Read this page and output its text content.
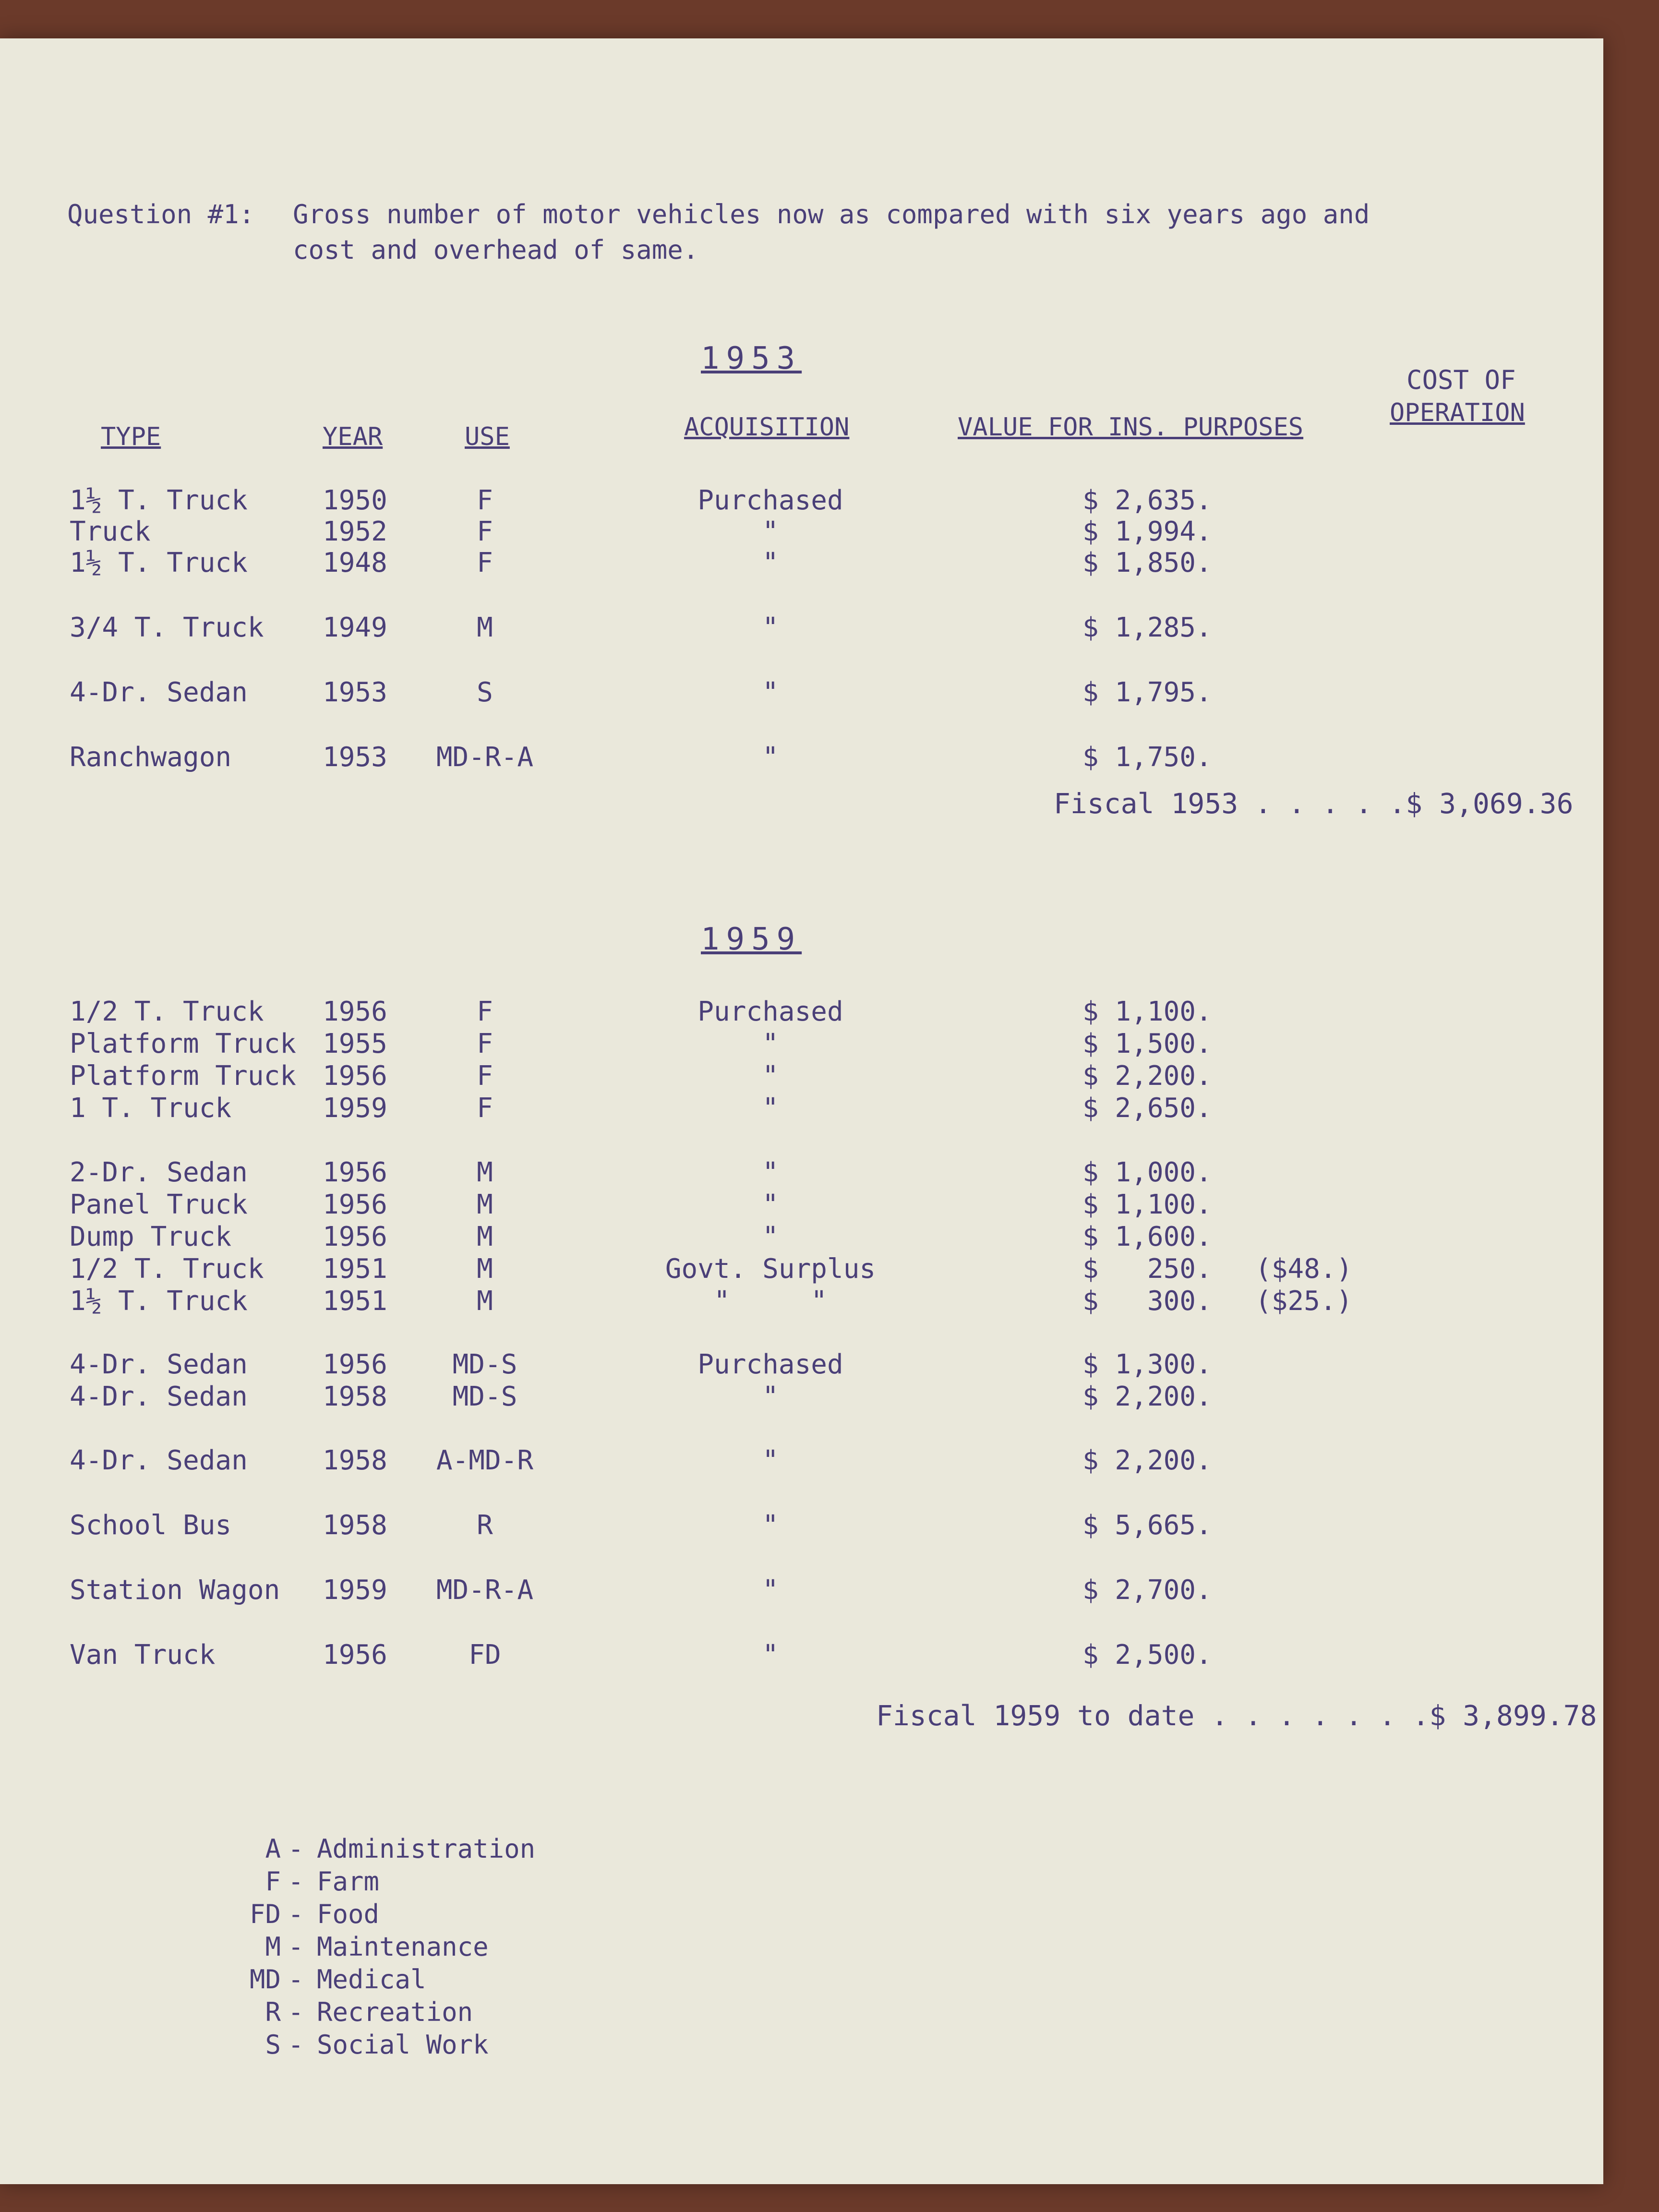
Question #1: Gross number of motor vehicles now as compared with six years ago and
cost and overhead of same.
TYPE	YEAR	USE	ACQUISITION	VALUE FOR INS. PURPOSES
COST OF
OPERATION
1953
1½ T. Truck	1950	F	Purchased	$ 2,635.
Truck	1952	F	"	$ 1,994.
1½ T. Truck	1948	F	"	$ 1,850.
3/4 T. Truck 1949	M	"	$ 1,285.
4-Dr. Sedan	1953	S	"	$ 1,795.
Ranchwagon	1953	MD-R-A	"	$ 1,750.
Fiscal 1953 . . . . .$ 3,069.36
1959
1/2 T. Truck 1956	F	Purchased	$ 1,100.
Platform Truck 1955	F	"	$ 1,500.
Platform Truck 1956	F	"	$ 2,200.
1 T. Truck	1959	F	"	$ 2,650.
2-Dr. Sedan	1956	M	"	$ 1,000.
Panel Truck	1956	M	"	$ 1,100.
Dump Truck	1956	M	"	$ 1,600.
1/2 T. Truck 1951	M	Govt. Surplus	$   250. ($48.)
1½ T. Truck	1951	M	"     "	$   300. ($25.)
4-Dr. Sedan	1956	MD-S	Purchased	$ 1,300.
4-Dr. Sedan	1958	MD-S	"	$ 2,200.
4-Dr. Sedan	1958	A-MD-R	"	$ 2,200.
School Bus	1958	R	"	$ 5,665.
Station Wagon 1959	MD-R-A	"	$ 2,700.
Van Truck	1956	FD	"	$ 2,500.
Fiscal 1959 to date . . . . . . .$ 3,899.78
A - Administration
F - Farm
FD - Food
M - Maintenance
MD - Medical
R - Recreation
S - Social Work
